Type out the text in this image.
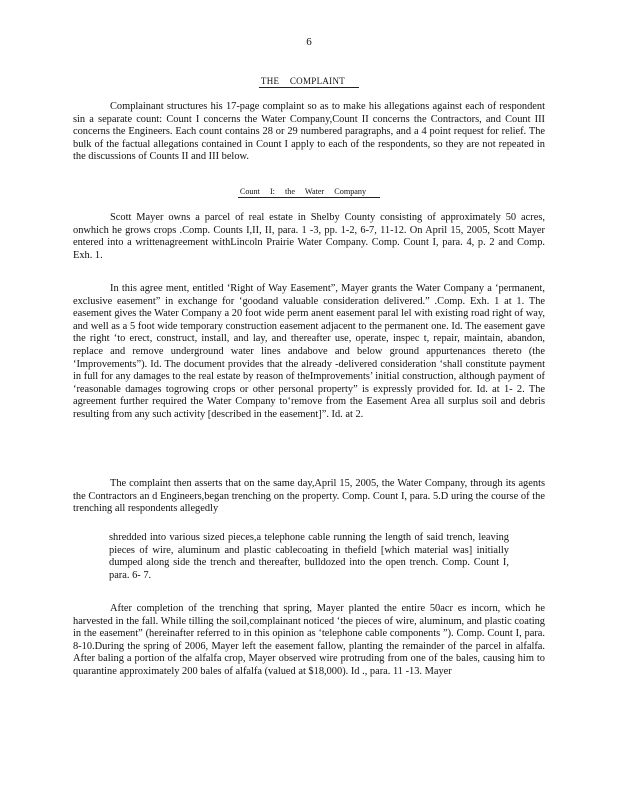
6
THE COMPLAINT

Complainant structures his 17-page complaint so as to make his allegations against each of respondent sin a separate count: Count I concerns the Water Company,Count II concerns the Contractors, and Count III concerns the Engineers. Each count contains 28 or 29 numbered paragraphs, and a 4 point request for relief. The bulk of the factual allegations contained in Count I apply to each of the respondents, so they are not repeated in the discussions of Counts II and III below.

Count I: the Water Company

Scott Mayer owns a parcel of real estate in Shelby County consisting of approximately 50 acres, onwhich he grows crops .Comp. Counts I,II, II, para. 1 -3, pp. 1-2, 6-7, 11-12. On April 15, 2005, Scott Mayer entered into a writtenagreement withLincoln Prairie Water Company. Comp. Count I, para. 4, p. 2 and Comp. Exh. 1.

In this agree ment, entitled ‘Right of Way Easement”, Mayer grants the Water Company a ‘permanent, exclusive easement” in exchange for ‘goodand valuable consideration delivered.” .Comp. Exh. 1 at 1. The easement gives the Water Company a 20 foot wide perm anent easement paral lel with existing road right of way, and well as a 5 foot wide temporary construction easement adjacent to the permanent one. Id. The easement gave the right ‘to erect, construct, install, and lay, and thereafter use, operate, inspec t, repair, maintain, abandon, replace and remove underground water lines andabove and below ground appurtenances thereto (the ‘Improvements”). Id. The document provides that the already -delivered consideration ‘shall constitute payment in full for any damages to the real estate by reason of theImprovements’ initial construction, although payment of ‘reasonable damages togrowing crops or other personal property” is expressly provided for. Id. at 1- 2. The agreement further required the Water Company to‘remove from the Easement Area all surplus soil and debris resulting from any such activity [described in the easement]”. Id. at 2.

The complaint then asserts that on the same day,April 15, 2005, the Water Company, through its agents the Contractors an d Engineers,began trenching on the property. Comp. Count I, para. 5.D uring the course of the trenching all respondents allegedly

shredded into various sized pieces,a telephone cable running the length of said trench, leaving pieces of wire, aluminum and plastic cablecoating in thefield [which material was] initially dumped along side the trench and thereafter, bulldozed into the open trench. Comp. Count I, para. 6- 7.

After completion of the trenching that spring, Mayer planted the entire 50acr es incorn, which he harvested in the fall. While tilling the soil,complainant noticed ‘the pieces of wire, aluminum, and plastic coating in the easement” (hereinafter referred to in this opinion as ‘telephone cable components ”). Comp. Count I, para. 8-10.During the spring of 2006, Mayer left the easement fallow, planting the remainder of the parcel in alfalfa. After baling a portion of the alfalfa crop, Mayer observed wire protruding from one of the bales, causing him to quarantine approximately 200 bales of alfalfa (valued at $18,000). Id ., para. 11 -13. Mayer
